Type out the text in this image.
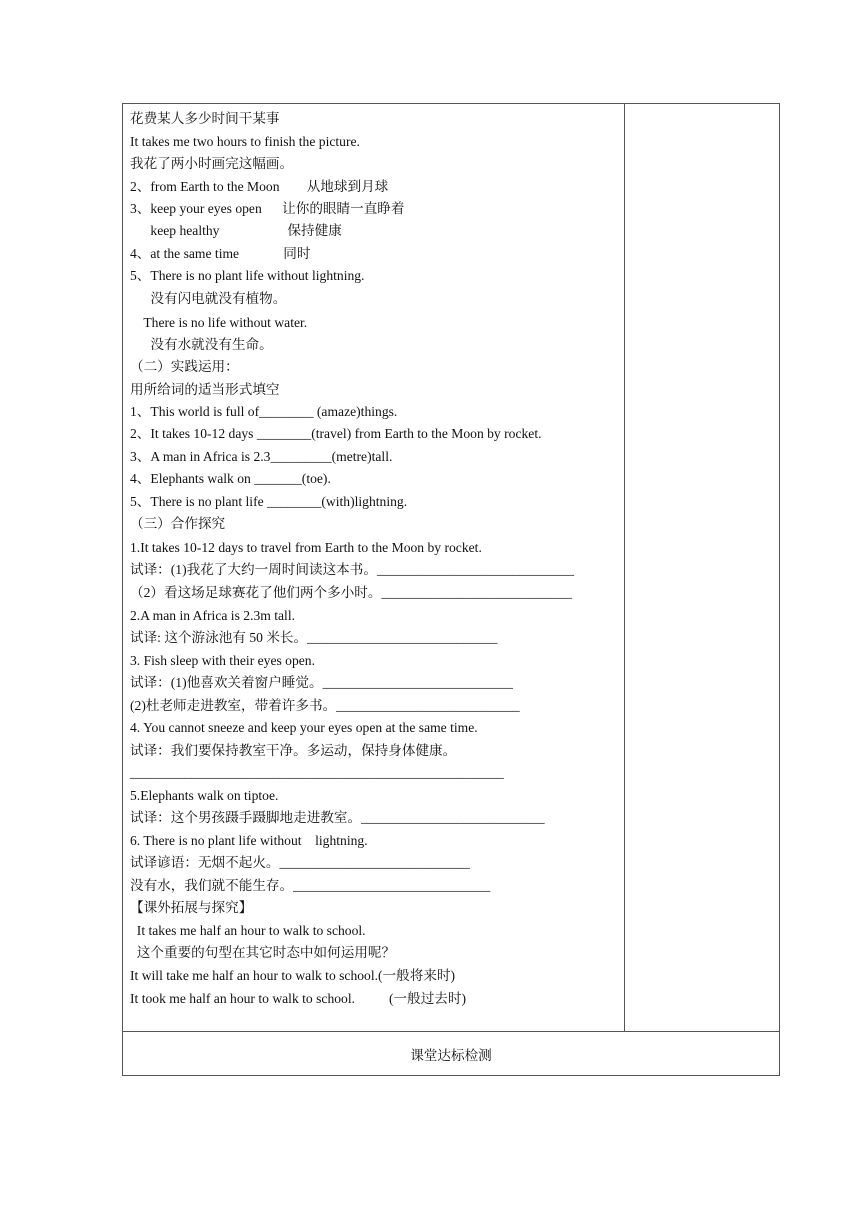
花费某人多少时间干某事
It takes me two hours to finish the picture.
我花了两小时画完这幅画。
2、from Earth to the Moon        从地球到月球
3、keep your eyes open      让你的眼睛一直睁着
keep healthy                    保持健康
4、at the same time             同时
5、There is no plant life without lightning.
没有闪电就没有植物。
There is no life without water.
没有水就没有生命。
（二）实践运用：
用所给词的适当形式填空
1、This world is full of________ (amaze)things.
2、It takes 10-12 days ________(travel) from Earth to the Moon by rocket.
3、A man in Africa is 2.3_________(metre)tall.
4、Elephants walk on _______(toe).
5、There is no plant life ________(with)lightning.
（三）合作探究
1.It takes 10-12 days to travel from Earth to the Moon by rocket.
试译：(1)我花了大约一周时间读这本书。_____________________________
（2）看这场足球赛花了他们两个多小时。____________________________
2.A man in Africa is 2.3m tall.
试译: 这个游泳池有 50 米长。____________________________
3. Fish sleep with their eyes open.
试译：(1)他喜欢关着窗户睡觉。____________________________
(2)杜老师走进教室，带着许多书。___________________________
4. You cannot sneeze and keep your eyes open at the same time.
试译：我们要保持教室干净。多运动，保持身体健康。
_______________________________________________________
5.Elephants walk on tiptoe.
试译：这个男孩蹑手蹑脚地走进教室。___________________________
6. There is no plant life without    lightning.
试译谚语：无烟不起火。____________________________
没有水，我们就不能生存。_____________________________
【课外拓展与探究】
It takes me half an hour to walk to school.
这个重要的句型在其它时态中如何运用呢？
It will take me half an hour to walk to school.(一般将来时)
It took me half an hour to walk to school.          (一般过去时)
课堂达标检测
